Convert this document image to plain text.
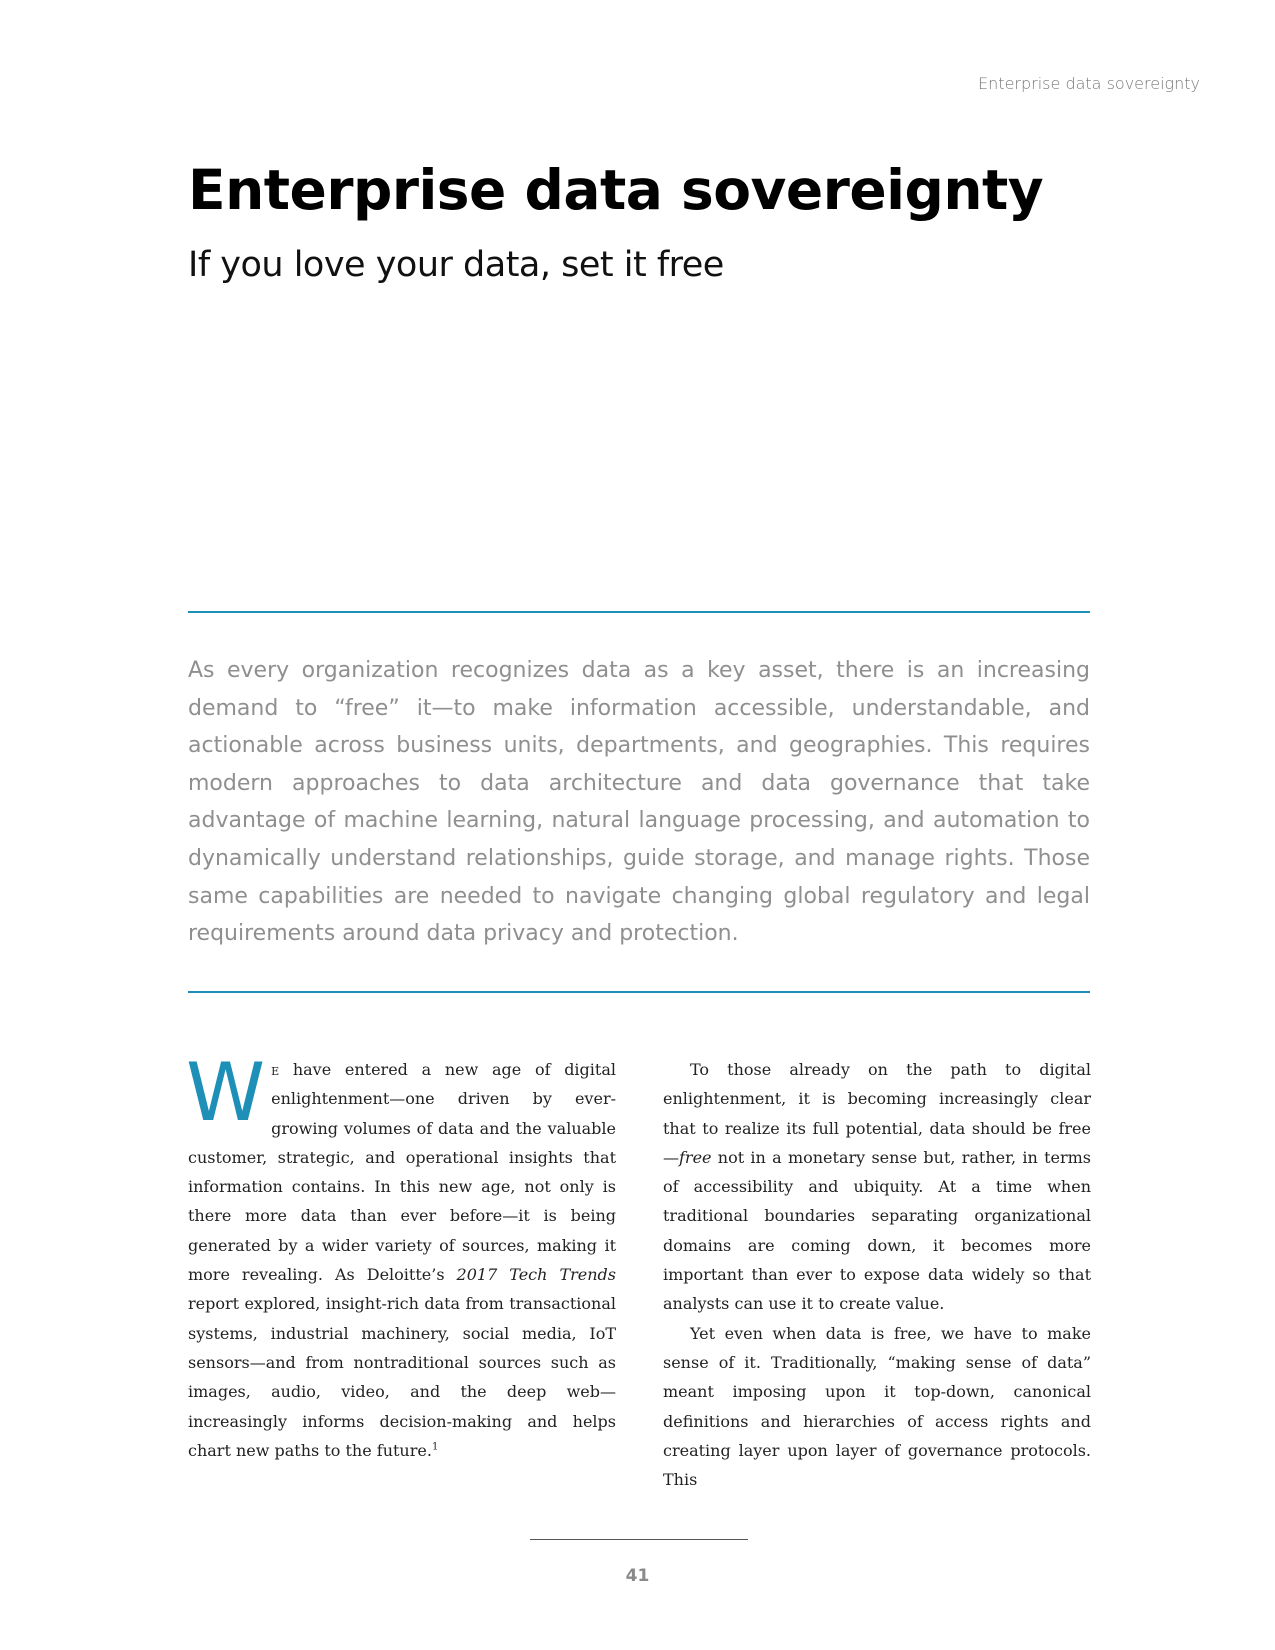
Enterprise data sovereignty
Enterprise data sovereignty
If you love your data, set it free

As every organization recognizes data as a key asset, there is an increasing demand to “free” it—to make information accessible, understandable, and actionable across business units, departments, and geographies. This requires modern approaches to data architecture and data governance that take advantage of machine learning, natural language processing, and automation to dynamically understand relationships, guide storage, and manage rights. Those same capabilities are needed to navigate changing global regulatory and legal requirements around data privacy and protection.

W e have entered a new age of digital enlightenment—one driven by ever-growing volumes of data and the valuable customer, strategic, and operational insights that information contains. In this new age, not only is there more data than ever before—it is being generated by a wider variety of sources, making it more revealing. As Deloitte’s 2017 Tech Trends report explored, insight-rich data from transactional systems, industrial machinery, social media, IoT sensors—and from nontraditional sources such as images, audio, video, and the deep web—increasingly informs decision-making and helps chart new paths to the future.$^1$

To those already on the path to digital enlightenment, it is becoming increasingly clear that to realize its full potential, data should be free—free not in a monetary sense but, rather, in terms of accessibility and ubiquity. At a time when traditional boundaries separating organizational domains are coming down, it becomes more important than ever to expose data widely so that analysts can use it to create value.

Yet even when data is free, we have to make sense of it. Traditionally, “making sense of data” meant imposing upon it top-down, canonical definitions and hierarchies of access rights and creating layer upon layer of governance protocols. This

41
